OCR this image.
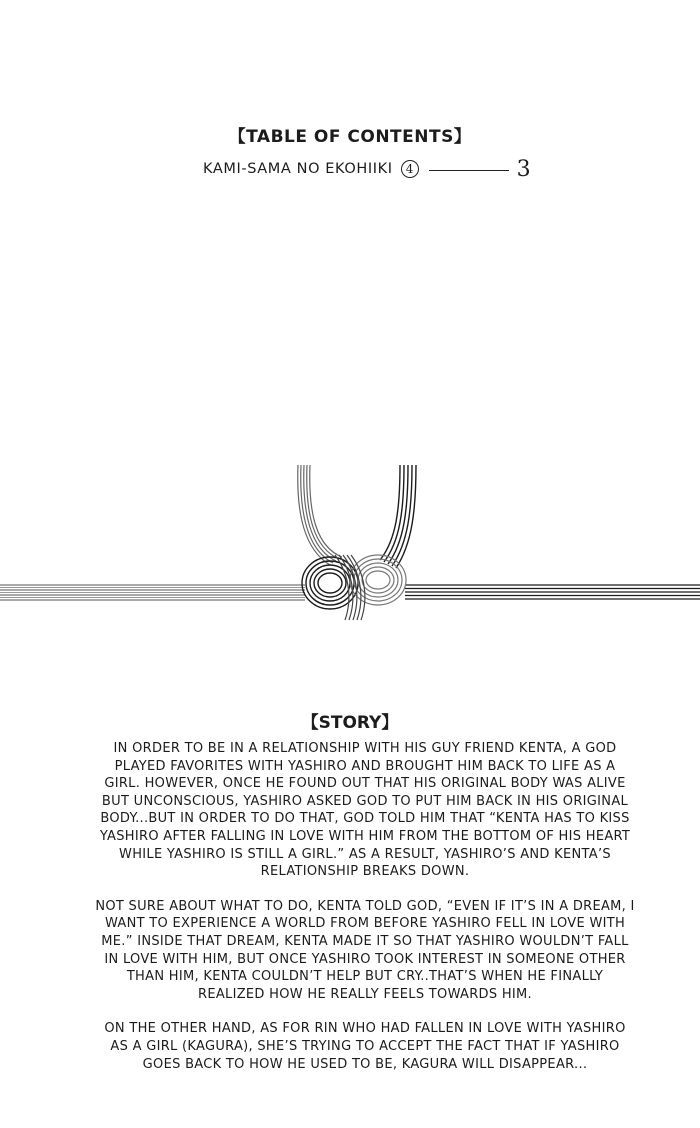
【TABLE OF CONTENTS】
KAMI-SAMA NO EKOHIIKI	4	3
【STORY】

IN ORDER TO BE IN A RELATIONSHIP WITH HIS GUY FRIEND KENTA, A GOD PLAYED FAVORITES WITH YASHIRO AND BROUGHT HIM BACK TO LIFE AS A GIRL. HOWEVER, ONCE HE FOUND OUT THAT HIS ORIGINAL BODY WAS ALIVE BUT UNCONSCIOUS, YASHIRO ASKED GOD TO PUT HIM BACK IN HIS ORIGINAL BODY...BUT IN ORDER TO DO THAT, GOD TOLD HIM THAT “KENTA HAS TO KISS YASHIRO AFTER FALLING IN LOVE WITH HIM FROM THE BOTTOM OF HIS HEART WHILE YASHIRO IS STILL A GIRL.” AS A RESULT, YASHIRO’S AND KENTA’S RELATIONSHIP BREAKS DOWN.

NOT SURE ABOUT WHAT TO DO, KENTA TOLD GOD, “EVEN IF IT’S IN A DREAM, I WANT TO EXPERIENCE A WORLD FROM BEFORE YASHIRO FELL IN LOVE WITH ME.” INSIDE THAT DREAM, KENTA MADE IT SO THAT YASHIRO WOULDN’T FALL IN LOVE WITH HIM, BUT ONCE YASHIRO TOOK INTEREST IN SOMEONE OTHER THAN HIM, KENTA COULDN’T HELP BUT CRY..THAT’S WHEN HE FINALLY REALIZED HOW HE REALLY FEELS TOWARDS HIM.

ON THE OTHER HAND, AS FOR RIN WHO HAD FALLEN IN LOVE WITH YASHIRO AS A GIRL (KAGURA), SHE’S TRYING TO ACCEPT THE FACT THAT IF YASHIRO GOES BACK TO HOW HE USED TO BE, KAGURA WILL DISAPPEAR...
